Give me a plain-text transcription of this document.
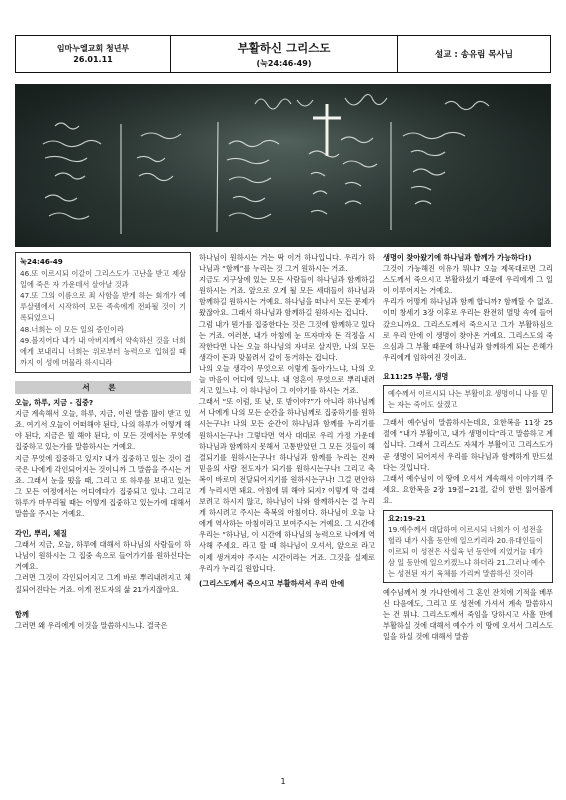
임마누엘교회 청년부
26.01.11
부활하신 그리스도
(눅24:46-49)
설교 : 송유림 목사님
눅24:46-49

46.또 이르시되 이같이 그리스도가 고난을 받고 제삼일에 죽은 자 가운데서 살아날 것과

47.또 그의 이름으로 죄 사함을 받게 하는 회개가 예루살렘에서 시작하여 모든 족속에게 전파될 것이 기록되었으니

48.너희는 이 모든 일의 증인이라

49.볼지어다 내가 내 아버지께서 약속하신 것을 너희에게 보내리니 너희는 위로부터 능력으로 입혀질 때까지 이 성에 머물라 하시니라

서 론
오늘, 하루, 지금 - 집중?

지금 계속해서 오늘, 하루, 지금, 이런 말씀 많이 받고 있죠. 여기서 오늘이 어떠해야 된다, 나의 하루가 어떻게 해야 된다, 지금은 뭘 해야 된다, 이 모든 것에서는 무엇에 집중하고 있는가를 말씀하시는 거예요.

지금 무엇에 집중하고 있지? 내가 집중하고 있는 것이 결국은 나에게 각인되어지는 것이니까 그 말씀을 주시는 거죠. 그래서 눈을 떴을 때, 그리고 또 하루를 보내고 있는 그 모든 여정에서는 어디에다가 집중되고 있냐. 그리고 하루가 마무리될 때는 어떻게 집중하고 있는가에 대해서 말씀을 주시는 거예요.

각인, 뿌리, 체질

그래서 지금, 오늘, 하루에 대해서 하나님의 사람들이 하나님이 원하시는 그 집중 속으로 들어가기를 원하신다는 거예요.

그러면 그것이 각인되어지고 그게 바로 뿌리내려지고 체질되어진다는 거죠. 이게 전도자의 삶 21가지잖아요.

함께

그러면 왜 우리에게 이것을 말씀하시느냐. 결국은

하나님이 원하시는 거는 딱 이거 하나입니다. 우리가 하나님과 “함께”를 누리는 것 그거 원하시는 거죠.

지금도 지구상에 있는 모든 사람들이 하나님과 함께하길 원하시는 거죠. 앞으로 오게 될 모든 세대들이 하나님과 함께하길 원하시는 거예요. 하나님을 떠나서 모든 문제가 왔잖아요. 그래서 하나님과 함께하길 원하시는 겁니다.

그럼 내가 뭔가를 집중한다는 것은 그것에 함께하고 있다는 거죠. 여러분, 내가 아침에 눈 뜨자마자 돈 걱정을 시작한다면 나는 오늘 하나님의 자녀로 살지만, 나의 모든 생각이 돈과 맞물려서 같이 동거하는 겁니다.

나의 오늘 생각이 무엇으로 이렇게 돌아가느냐, 나의 오늘 마음이 어디에 있느냐. 내 영혼이 무엇으로 뿌리내려지고 있느냐. 이 하나님이 그 이야기를 하시는 거죠.

그래서 “또 이럼, 또 낮, 또 밤이야?”가 아니라 하나님께서 나에게 나의 모든 순간을 하나님께로 집중하기를 원하시는구나! 나의 모든 순간이 하나님과 함께를 누리기를 원하시는구나! 그렇다면 역사 대대로 우리 가정 가운데 하나님과 함께하지 못해서 고통받았던 그 모든 것들이 해결되기를 원하시는구나! 하나님과 함께를 누리는 진짜 믿음의 사람 전도자가 되기를 원하시는구나! 그리고 축복이 바로미 전달되어지기를 원하시는구나! 그걸 편안하게 누리시면 돼요. 아침에 뭐 해야 되지? 이렇게 막 걸래보려고 하시지 않고, 하나님이 나와 함께하시는 걸 누리게 하시려고 주시는 축복의 아침이다. 하나님이 오늘 나에게 역사하는 아침이라고 보여주시는 거예요. 그 시간에 우리는 “하나님, 이 시간에 하나님의 능력으로 나에게 역사해 주세요. 라고 할 때 하나님이 오셔서, 앞으로 라고 이제 생겨져야 주시는 시간이라는 거죠. 그것을 실제로 우리가 누리길 원합니다.

(그리스도께서 죽으시고 부활하셔서 우리 안에
생명이 찾아왔기에 하나님과 함께가 가능하다!)

그것이 가능해진 이유가 뭐냐? 오늘 제목대로면 그리스도께서 죽으시고 부활하셨기 때문에 우리에게 그 일이 이루어지는 거예요.

우리가 어떻게 하나님과 함께 합니까? 함께할 수 없죠. 이미 창세기 3장 이후로 우리는 완전히 멸망 속에 들어갔으니까요. 그리스도께서 죽으시고 그가 부활하심으로 우리 안에 이 생명이 찾아온 거예요. 그리스도의 죽으심과 그 부활 때문에 하나님과 함께하게 되는 은혜가 우리에게 임하여진 것이죠.

요11:25 부활, 생명
예수께서 이르시되 나는 부활이요 생명이니 나를 믿는 자는 죽어도 살겠고

그래서 예수님이 말씀하시는데요, 요한복음 11장 25절에 “내가 부활이고, 내가 생명이다”라고 말씀하고 계십니다. 그래서 그리스도 자체가 부활이고 그리스도가 곧 생명이 되어져서 우리를 하나님과 함께하게 만드셨다는 것입니다.

그래서 예수님이 이 땅에 오셔서 계속해서 이야기해 주세요. 요한복음 2장 19절~21절, 같이 한번 읽어볼게요.

요2:19-21
19.예수께서 대답하여 이르시되 너희가 이 성전을 헐라 내가 사흘 동안에 일으키리라 20.유대인들이 이르되 이 성전은 사십육 년 동안에 지었거늘 네가 삼 일 동안에 일으키겠느냐 하더라 21.그러나 예수는 성전된 자기 육체를 가리켜 말씀하신 것이라

예수님께서 첫 가나안에서 그 혼인 잔치에 기적을 베푸신 다음에도, 그리고 또 성전에 가셔서 계속 말씀하시는 건 뭐냐. 그리스도께서 죽임을 당하시고 사흘 만에 부활하실 것에 대해서 예수가 이 땅에 오셔서 그리스도 일을 하실 것에 대해서 말씀

1
